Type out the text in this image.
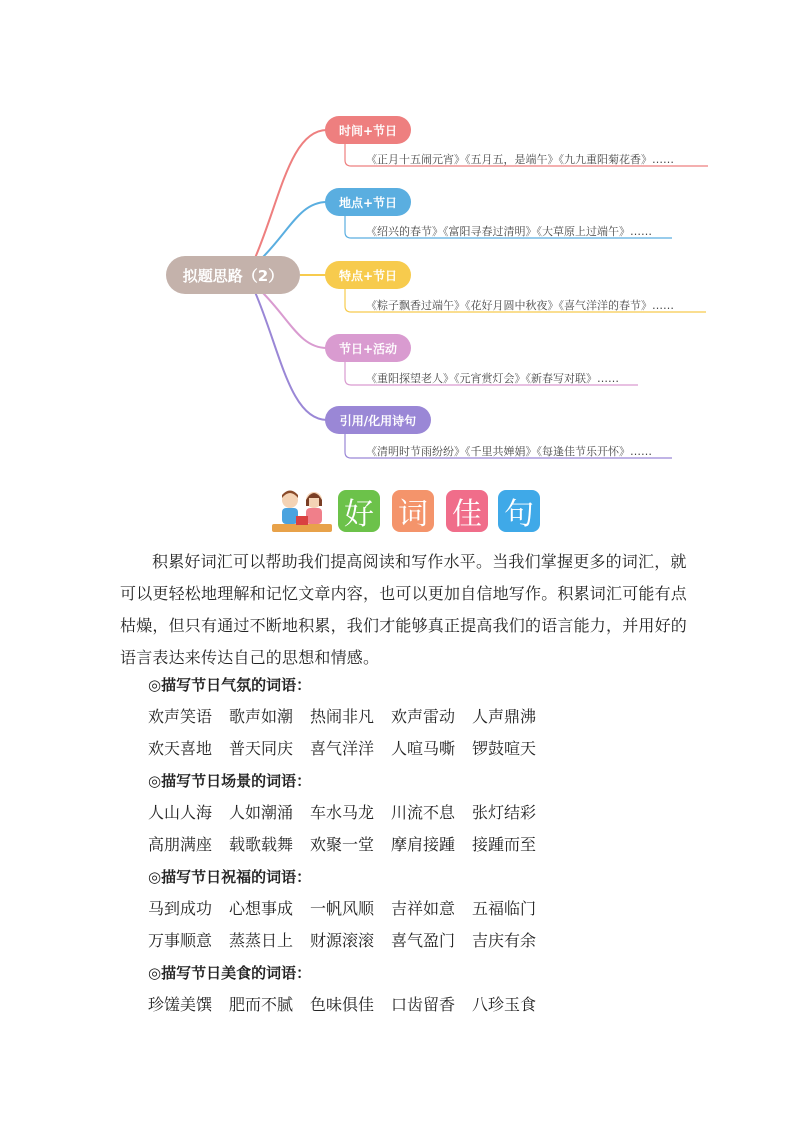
拟题思路（2）
时间+节日
《正月十五闹元宵》《五月五，是端午》《九九重阳菊花香》……
地点+节日
《绍兴的春节》《富阳寻春过清明》《大草原上过端午》……
特点+节日
《粽子飘香过端午》《花好月圆中秋夜》《喜气洋洋的春节》……
节日+活动
《重阳探望老人》《元宵赏灯会》《新春写对联》……
引用/化用诗句
《清明时节雨纷纷》《千里共婵娟》《每逢佳节乐开怀》……
好 词 佳 句
积累好词汇可以帮助我们提高阅读和写作水平。当我们掌握更多的词汇，就
可以更轻松地理解和记忆文章内容，也可以更加自信地写作。积累词汇可能有点
枯燥，但只有通过不断地积累，我们才能够真正提高我们的语言能力，并用好的
语言表达来传达自己的思想和情感。
◎描写节日气氛的词语：
欢声笑语 歌声如潮 热闹非凡 欢声雷动 人声鼎沸
欢天喜地 普天同庆 喜气洋洋 人喧马嘶 锣鼓喧天
◎描写节日场景的词语：
人山人海 人如潮涌 车水马龙 川流不息 张灯结彩
高朋满座 载歌载舞 欢聚一堂 摩肩接踵 接踵而至
◎描写节日祝福的词语：
马到成功 心想事成 一帆风顺 吉祥如意 五福临门
万事顺意 蒸蒸日上 财源滚滚 喜气盈门 吉庆有余
◎描写节日美食的词语：
珍馐美馔 肥而不腻 色味俱佳 口齿留香 八珍玉食
